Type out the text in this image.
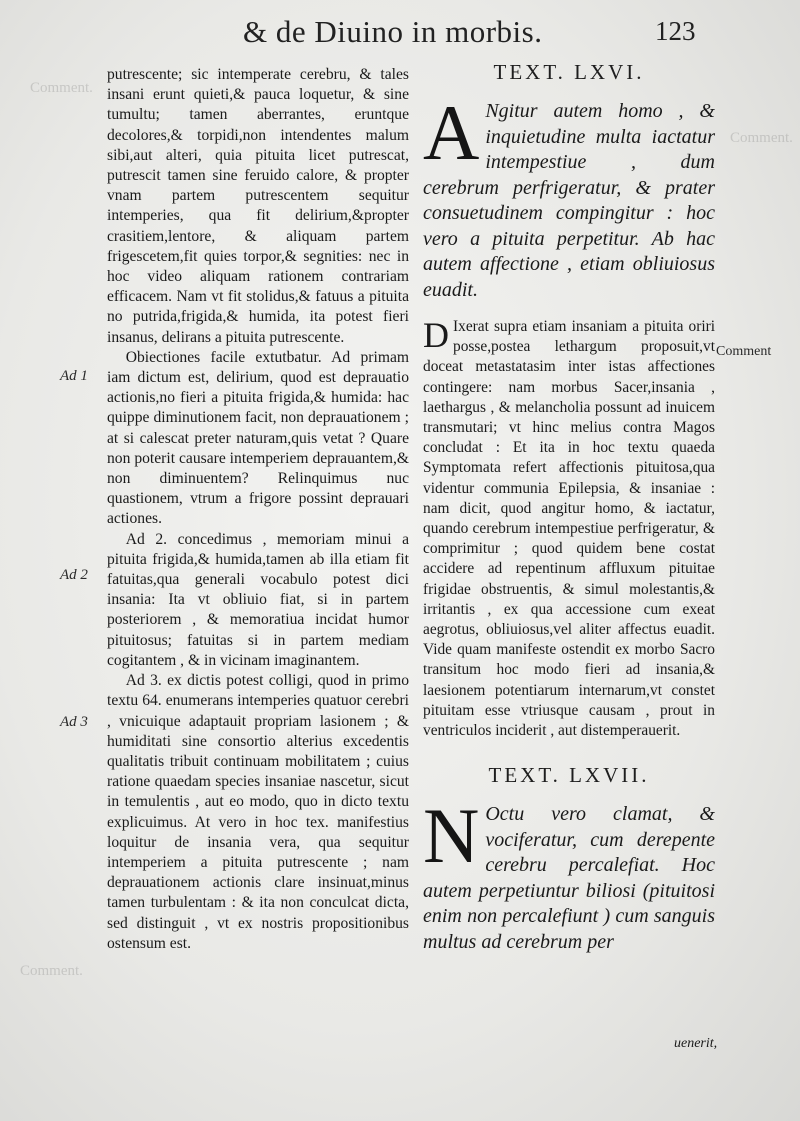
Comment.
Comment.
Comment.
& de Diuino in morbis.	123
Ad 1
Ad 2
Ad 3

putrescente; sic intemperate cerebru, & tales insani erunt quieti,& pauca loquetur, & sine tumultu; tamen aberrantes, eruntque decolores,& torpidi,non intendentes malum sibi,aut alteri, quia pituita licet putrescat, putrescit tamen sine feruido calore, & propter vnam partem putrescentem sequitur intemperies, qua fit delirium,&propter crasitiem,lentore, & aliquam partem frigescetem,fit quies torpor,& segnities: nec in hoc video aliquam rationem contrariam efficacem. Nam vt fit stolidus,& fatuus a pituita no putrida,frigida,& humida, ita potest fieri insanus, delirans a pituita putrescente.

Obiectiones facile extutbatur. Ad primam iam dictum est, delirium, quod est deprauatio actionis,no fieri a pituita frigida,& humida: hac quippe diminutionem facit, non deprauationem ; at si calescat preter naturam,quis vetat ? Quare non poterit causare intemperiem deprauantem,& non diminuentem? Relinquimus nuc quastionem, vtrum a frigore possint deprauari actiones.

Ad 2. concedimus , memoriam minui a pituita frigida,& humida,tamen ab illa etiam fit fatuitas,qua generali vocabulo potest dici insania: Ita vt obliuio fiat, si in partem posteriorem , & memoratiua incidat humor pituitosus; fatuitas si in partem mediam cogitantem , & in vicinam imaginantem.

Ad 3. ex dictis potest colligi, quod in primo textu 64. enumerans intemperies quatuor cerebri , vnicuique adaptauit propriam lasionem ; & humiditati sine consortio alterius excedentis qualitatis tribuit continuam mobilitatem ; cuius ratione quaedam species insaniae nascetur, sicut in temulentis , aut eo modo, quo in dicto textu explicuimus. At vero in hoc tex. manifestius loquitur de insania vera, qua sequitur intemperiem a pituita putrescente ; nam deprauationem actionis clare insinuat,minus tamen turbulentam : & ita non conculcat dicta, sed distinguit , vt ex nostris propositionibus ostensum est.

Comment
TEXT. LXVI.

A Ngitur autem homo , & inquietudine multa iactatur intempestiue , dum cerebrum perfrigeratur, & prater consuetudinem compingitur : hoc vero a pituita perpetitur. Ab hac autem affectione , etiam obliuiosus euadit.

D Ixerat supra etiam insaniam a pituita oriri posse,postea lethargum proposuit,vt doceat metastatasim inter istas affectiones contingere: nam morbus Sacer,insania , laethargus , & melancholia possunt ad inuicem transmutari; vt hinc melius contra Magos concludat : Et ita in hoc textu quaeda Symptomata refert affectionis pituitosa,qua videntur communia Epilepsia, & insaniae : nam dicit, quod angitur homo, & iactatur, quando cerebrum intempestiue perfrigeratur, & comprimitur ; quod quidem bene costat accidere ad repentinum affluxum pituitae frigidae obstruentis, & simul molestantis,& irritantis , ex qua accessione cum exeat aegrotus, obliuiosus,vel aliter affectus euadit. Vide quam manifeste ostendit ex morbo Sacro transitum hoc modo fieri ad insania,& laesionem potentiarum internarum,vt constet pituitam esse vtriusque causam , prout in ventriculos inciderit , aut distemperauerit.

TEXT. LXVII.

N Octu vero clamat, & vociferatur, cum derepente cerebru percalefiat. Hoc autem perpetiuntur biliosi (pituitosi enim non percalefiunt ) cum sanguis multus ad cerebrum per

uenerit,
